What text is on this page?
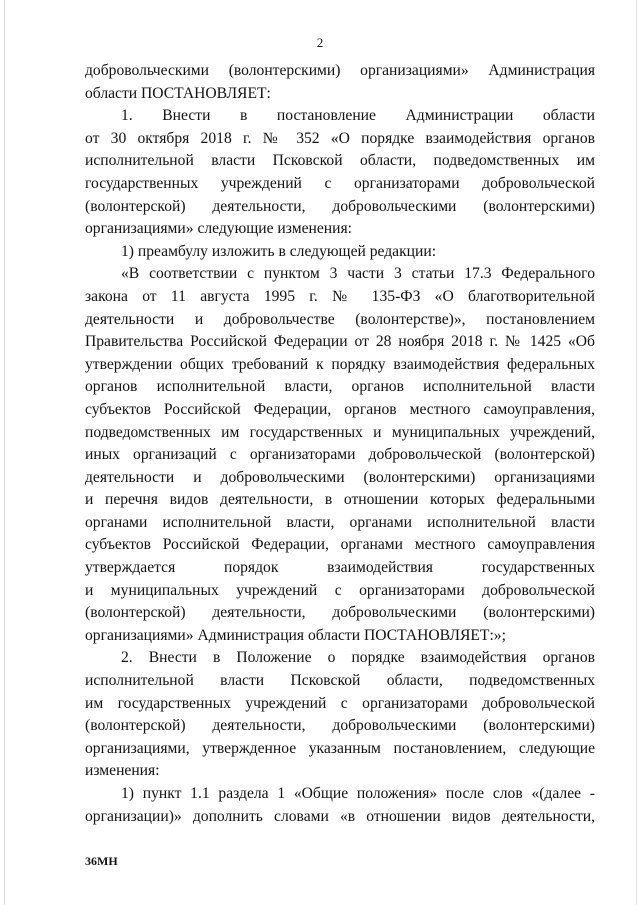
2

добровольческими (волонтерскими) организациями» Администрация

области ПОСТАНОВЛЯЕТ:

1. Внести в постановление Администрации области

от 30 октября 2018 г. № 352 «О порядке взаимодействия органов

исполнительной власти Псковской области, подведомственных им

государственных учреждений с организаторами добровольческой

(волонтерской) деятельности, добровольческими (волонтерскими)

организациями» следующие изменения:

1) преамбулу изложить в следующей редакции:

«В соответствии с пунктом 3 части 3 статьи 17.3 Федерального

закона от 11 августа 1995 г. № 135-ФЗ «О благотворительной

деятельности и добровольчестве (волонтерстве)», постановлением

Правительства Российской Федерации от 28 ноября 2018 г. № 1425 «Об

утверждении общих требований к порядку взаимодействия федеральных

органов исполнительной власти, органов исполнительной власти

субъектов Российской Федерации, органов местного самоуправления,

подведомственных им государственных и муниципальных учреждений,

иных организаций с организаторами добровольческой (волонтерской)

деятельности и добровольческими (волонтерскими) организациями

и перечня видов деятельности, в отношении которых федеральными

органами исполнительной власти, органами исполнительной власти

субъектов Российской Федерации, органами местного самоуправления

утверждается порядок взаимодействия государственных

и муниципальных учреждений с организаторами добровольческой

(волонтерской) деятельности, добровольческими (волонтерскими)

организациями» Администрация области ПОСТАНОВЛЯЕТ:»;

2. Внести в Положение о порядке взаимодействия органов

исполнительной власти Псковской области, подведомственных

им государственных учреждений с организаторами добровольческой

(волонтерской) деятельности, добровольческими (волонтерскими)

организациями, утвержденное указанным постановлением, следующие

изменения:

1) пункт 1.1 раздела 1 «Общие положения» после слов «(далее -

организации)» дополнить словами «в отношении видов деятельности,

36МН
